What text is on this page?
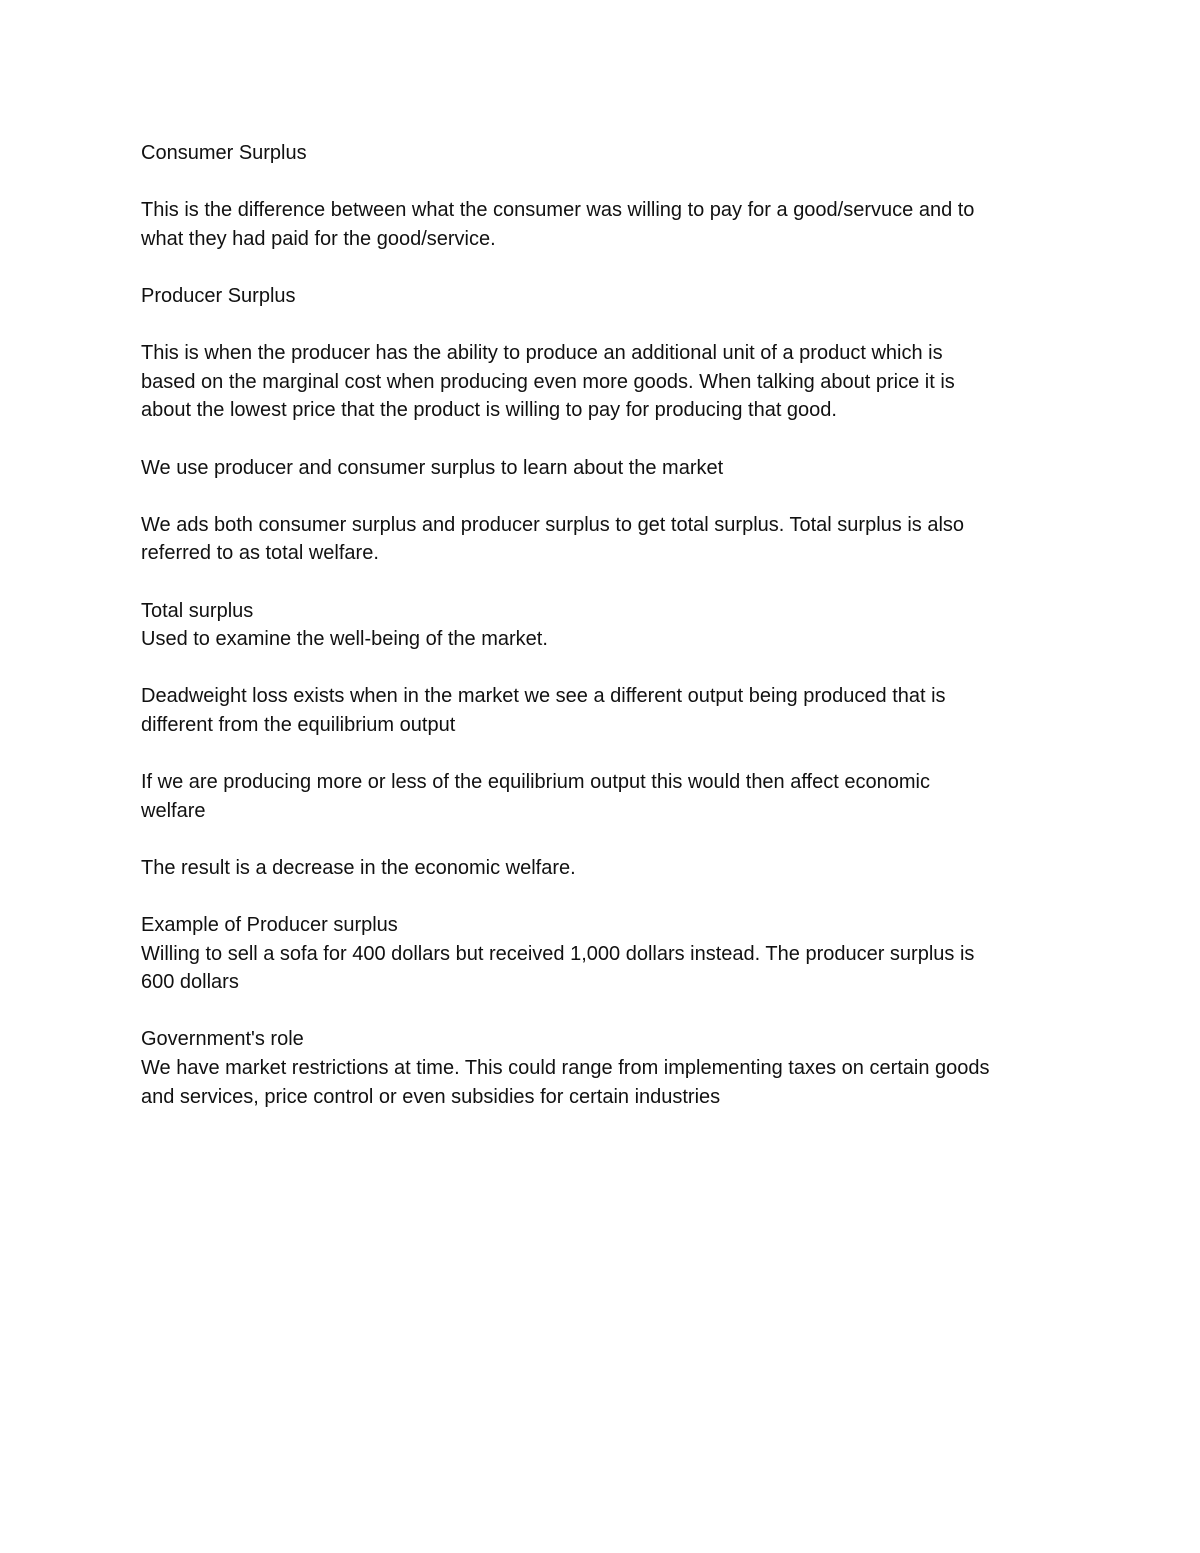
Consumer Surplus

This is the difference between what the consumer was willing to pay for a good/servuce and to
what they had paid for the good/service.

Producer Surplus

This is when the producer has the ability to produce an additional unit of a product which is
based on the marginal cost when producing even more goods. When talking about price it is
about the lowest price that the product is willing to pay for producing that good.

We use producer and consumer surplus to learn about the market

We ads both consumer surplus and producer surplus to get total surplus. Total surplus is also
referred to as total welfare.

Total surplus
Used to examine the well-being of the market.

Deadweight loss exists when in the market we see a different output being produced that is
different from the equilibrium output

If we are producing more or less of the equilibrium output this would then affect economic
welfare

The result is a decrease in the economic welfare.

Example of Producer surplus
Willing to sell a sofa for 400 dollars but received 1,000 dollars instead. The producer surplus is
600 dollars

Government's role
We have market restrictions at time. This could range from implementing taxes on certain goods
and services, price control or even subsidies for certain industries
